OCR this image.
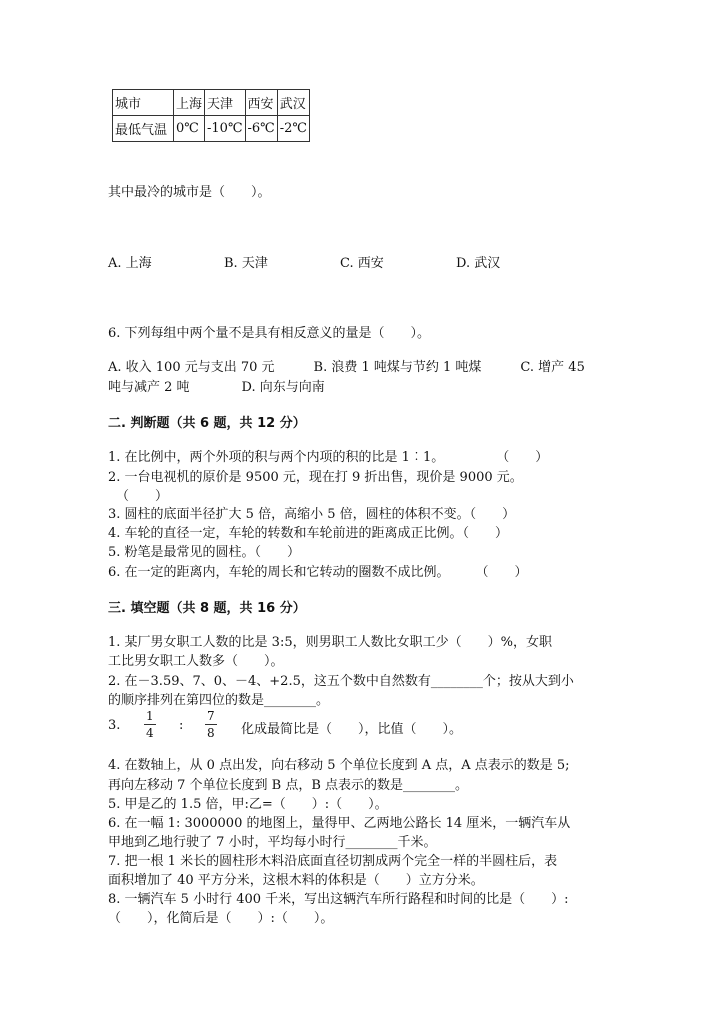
城市	上海	天津	西安	武汉
最低气温	0℃	-10℃	-6℃	-2℃
其中最冷的城市是（　　）。
A. 上海	B. 天津	C. 西安	D. 武汉
6. 下列每组中两个量不是具有相反意义的量是（　　）。
A. 收入 100 元与支出 70 元　　　B. 浪费 1 吨煤与节约 1 吨煤　　　C. 增产 45
吨与减产 2 吨　　　　D. 向东与向南
二. 判断题（共 6 题，共 12 分）
1. 在比例中，两个外项的积与两个内项的积的比是 1︰1。　　　　　（　　）
2. 一台电视机的原价是 9500 元，现在打 9 折出售，现价是 9000 元。
（　　）
3. 圆柱的底面半径扩大 5 倍，高缩小 5 倍，圆柱的体积不变。（　　）
4. 车轮的直径一定，车轮的转数和车轮前进的距离成正比例。（　　）
5. 粉笔是最常见的圆柱。（　　）
6. 在一定的距离内，车轮的周长和它转动的圈数不成比例。　　　（　　）
三. 填空题（共 8 题，共 16 分）
1. 某厂男女职工人数的比是 3:5，则男职工人数比女职工少（　　）%，女职
工比男女职工人数多（　　）。
2. 在－3.59、7、0、－4、+2.5，这五个数中自然数有________个；按从大到小
的顺序排列在第四位的数是________。
3.
1
4 :
7
8 化成最简比是（　　），比值（　　）。
4. 在数轴上，从 0 点出发，向右移动 5 个单位长度到 A 点，A 点表示的数是 5;
再向左移动 7 个单位长度到 B 点，B 点表示的数是________。
5. 甲是乙的 1.5 倍，甲:乙=（　　）:（　　）。
6. 在一幅 1: 3000000 的地图上，量得甲、乙两地公路长 14 厘米，一辆汽车从
甲地到乙地行驶了 7 小时，平均每小时行________千米。
7. 把一根 1 米长的圆柱形木料沿底面直径切割成两个完全一样的半圆柱后，表
面积增加了 40 平方分米，这根木料的体积是（　　）立方分米。
8. 一辆汽车 5 小时行 400 千米，写出这辆汽车所行路程和时间的比是（　　）:
（　　），化简后是（　　）:（　　）。
